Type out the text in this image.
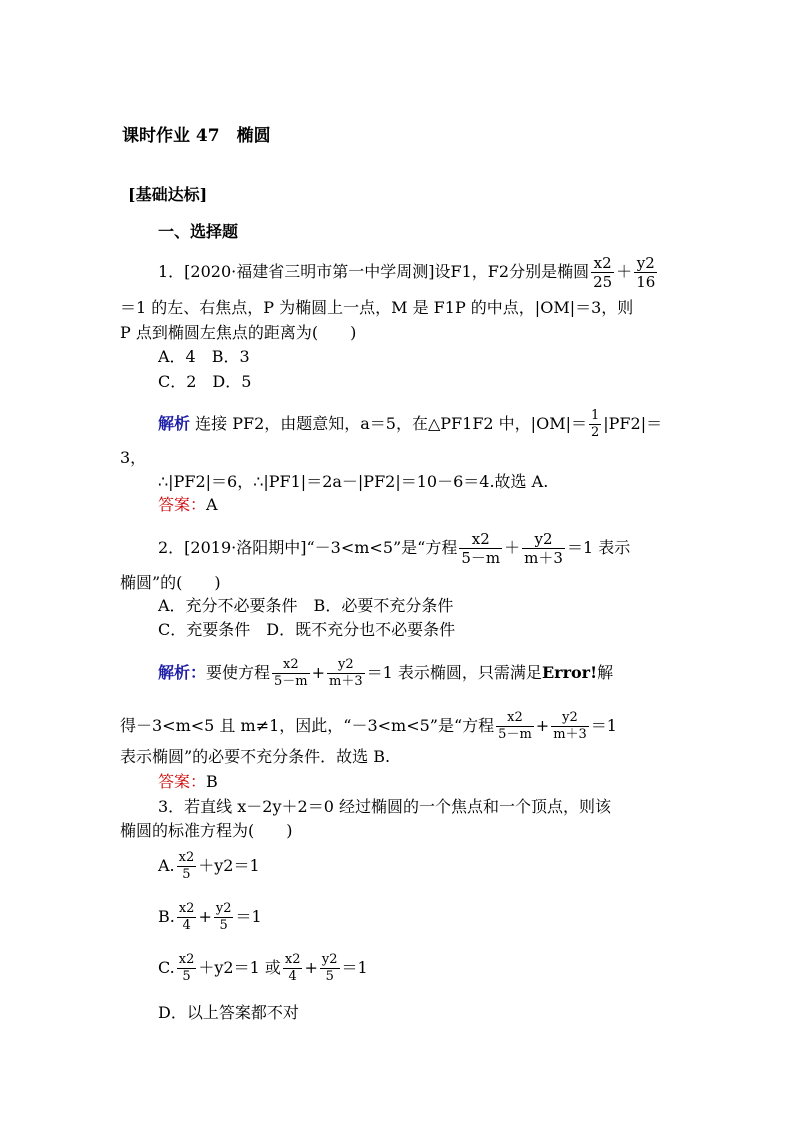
课时作业 47　椭圆
[基础达标]
一、选择题
1．[2020·福建省三明市第一中学周测]设F1，F2分别是椭圆 $\frac{x2}{25} + \frac{y2}{16}$
＝1 的左、右焦点，P 为椭圆上一点，M 是 F1P 的中点，|OM|＝3，则
P 点到椭圆左焦点的距离为(　　)
A．4　B．3
C．2　D．5
解析 连接 PF2，由题意知，a＝5，在△PF1F2 中，$|OM|= \frac{1}{2} |PF2|=$
3，
∴|PF2|＝6，∴|PF1|＝2a－|PF2|＝10－6＝4.故选 A.
答案：A
2．[2019·洛阳期中]“－3<m<5”是“方程 $\frac{x2}{5-m} + \frac{y2}{m+3} =1$ 表示
椭圆”的(　　)
A．充分不必要条件　B．必要不充分条件
C．充要条件　D．既不充分也不必要条件
解析：要使方程 $\frac{x2}{5-m} + \frac{y2}{m+3} =1$ 表示椭圆，只需满足Error!解
得－3<m<5 且 m≠1，因此，“－3<m<5”是“方程 $\frac{x2}{5-m} + \frac{y2}{m+3} =1$
表示椭圆”的必要不充分条件．故选 B.
答案：B
3．若直线 x－2y＋2＝0 经过椭圆的一个焦点和一个顶点，则该
椭圆的标准方程为(　　)
A. $\frac{x2}{5} +y2=1$
B. $\frac{x2}{4} + \frac{y2}{5} =1$
C. $\frac{x2}{5} +y2=1$ 或 $\frac{x2}{4} + \frac{y2}{5} =1$
D．以上答案都不对
